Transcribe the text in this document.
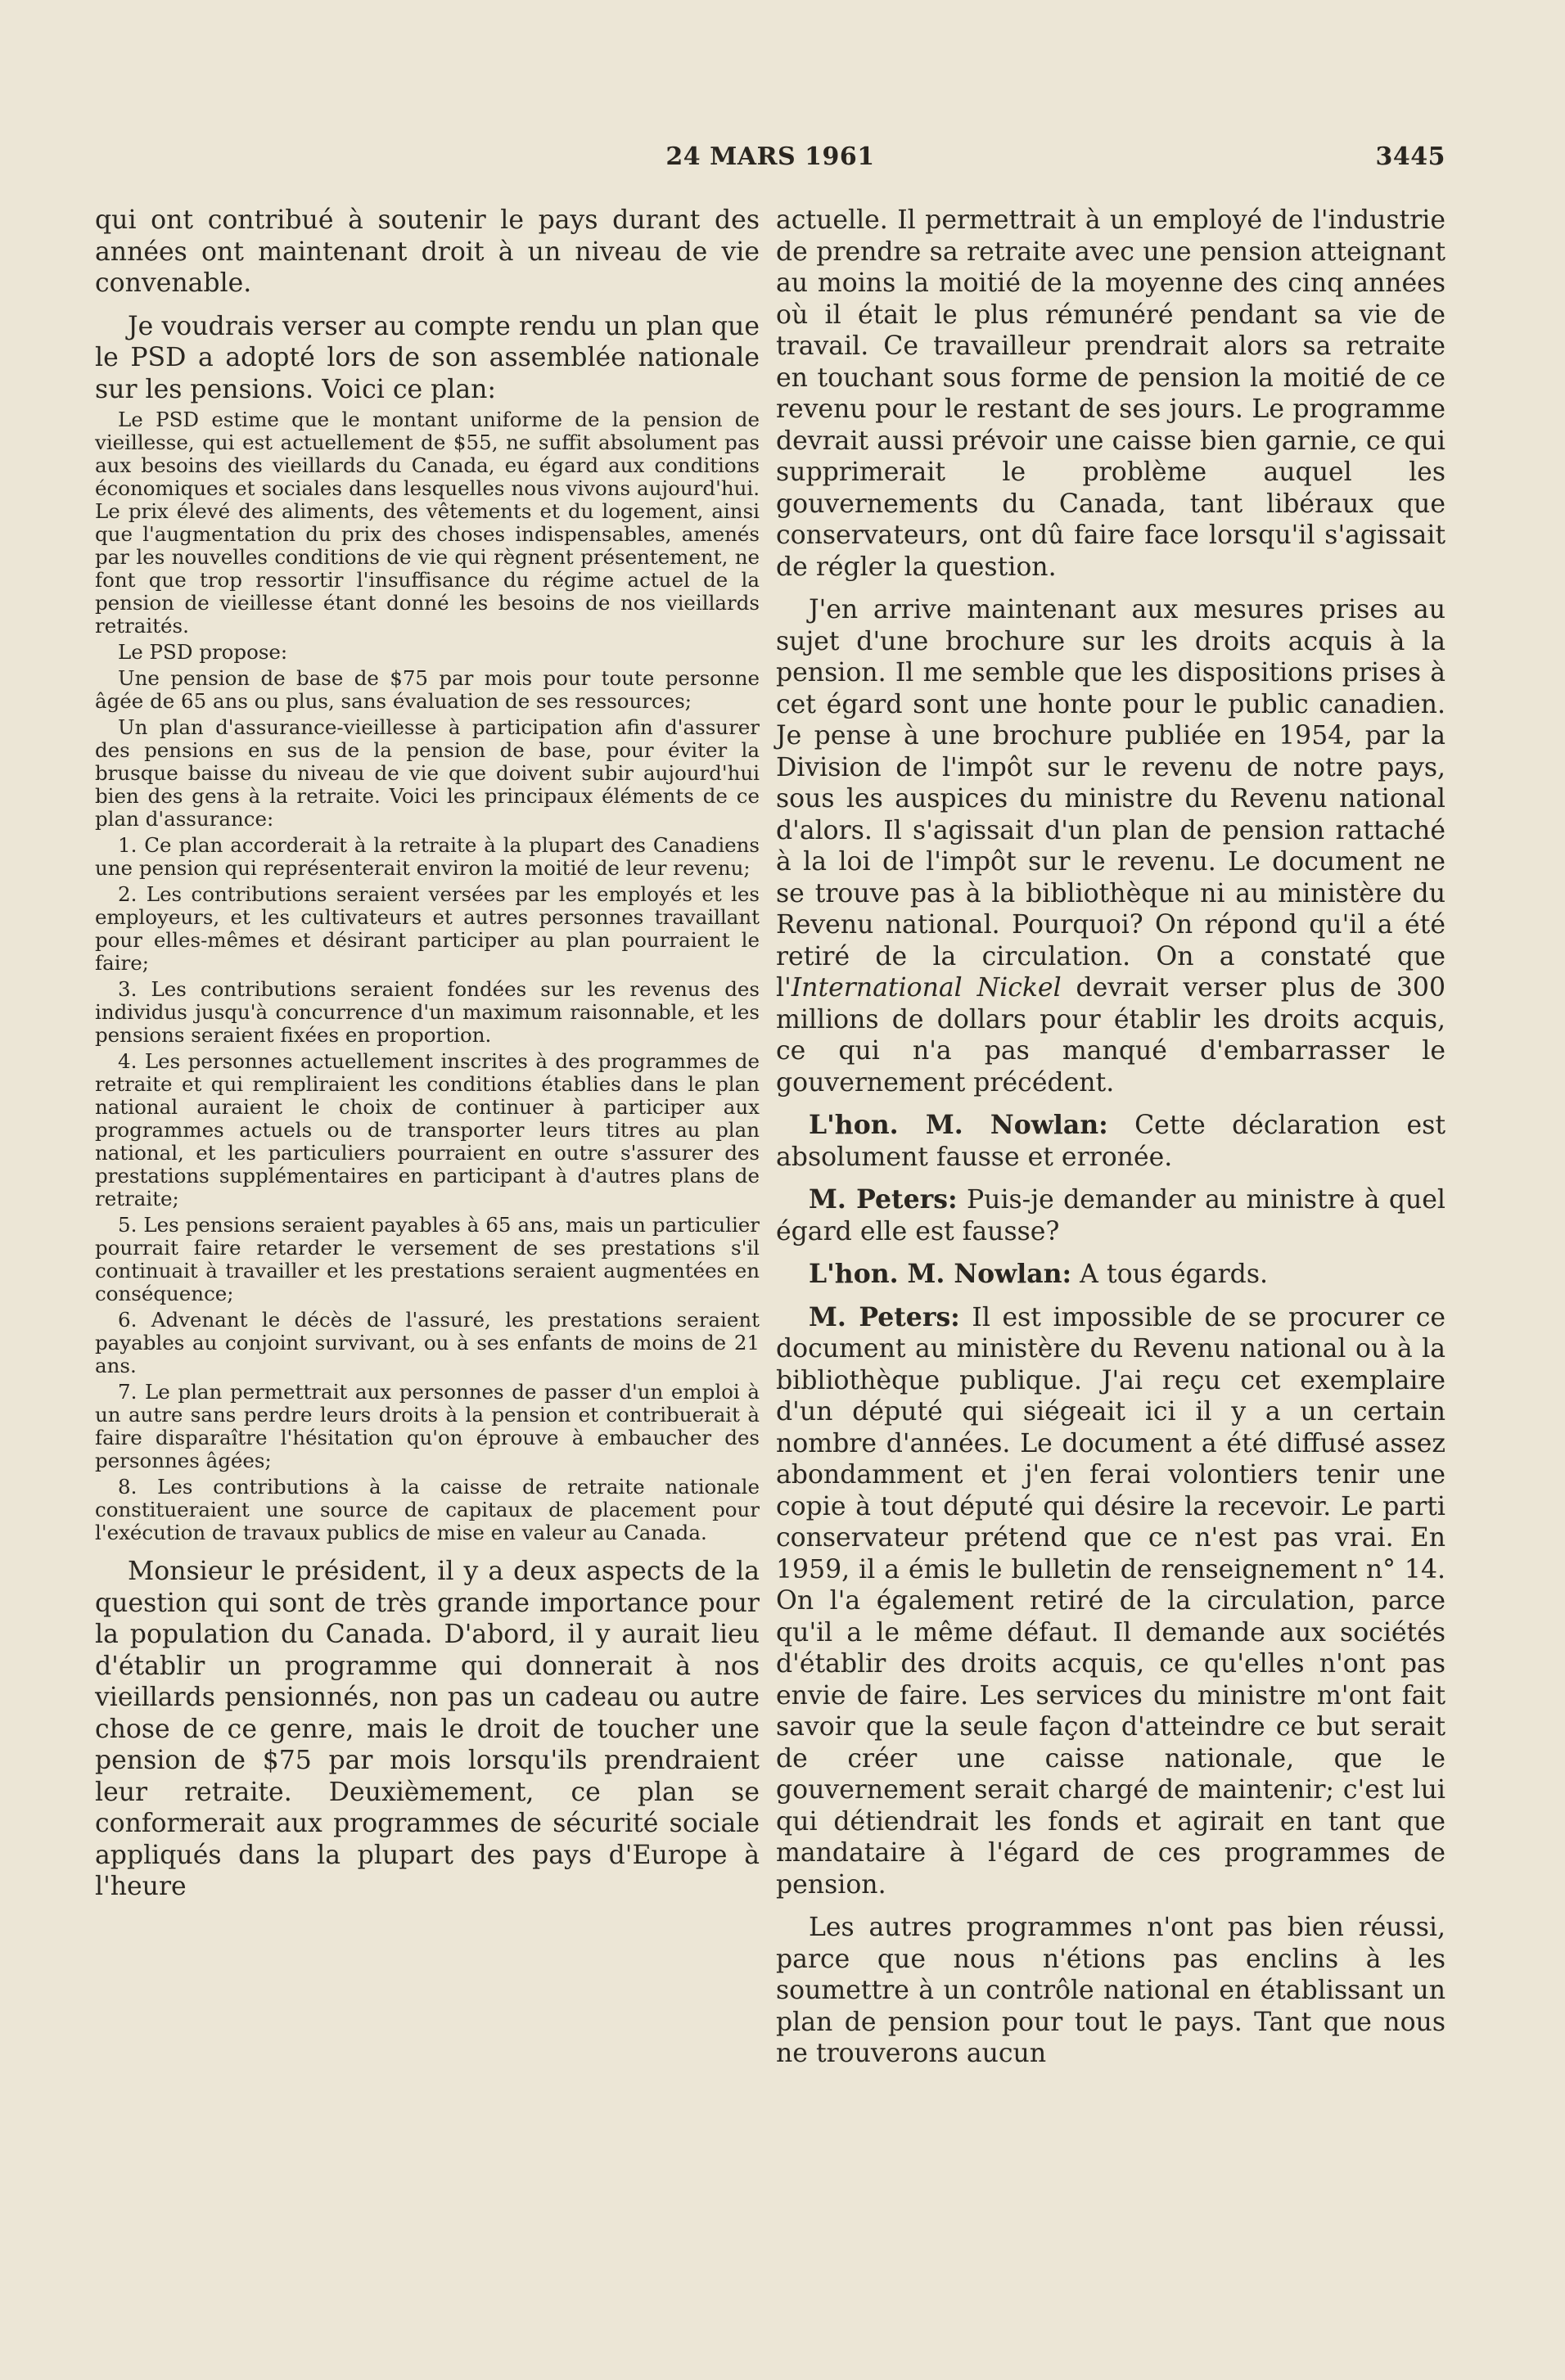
24 MARS 1961	3445

qui ont contribué à soutenir le pays durant des années ont maintenant droit à un niveau de vie convenable.

Je voudrais verser au compte rendu un plan que le PSD a adopté lors de son assemblée nationale sur les pensions. Voici ce plan:

Le PSD estime que le montant uniforme de la pension de vieillesse, qui est actuellement de $55, ne suffit absolument pas aux besoins des vieillards du Canada, eu égard aux conditions économiques et sociales dans lesquelles nous vivons aujourd'hui. Le prix élevé des aliments, des vêtements et du logement, ainsi que l'augmentation du prix des choses indispensables, amenés par les nouvelles conditions de vie qui règnent présentement, ne font que trop ressortir l'insuffisance du régime actuel de la pension de vieillesse étant donné les besoins de nos vieillards retraités.

Le PSD propose:

Une pension de base de $75 par mois pour toute personne âgée de 65 ans ou plus, sans évaluation de ses ressources;

Un plan d'assurance-vieillesse à participation afin d'assurer des pensions en sus de la pension de base, pour éviter la brusque baisse du niveau de vie que doivent subir aujourd'hui bien des gens à la retraite. Voici les principaux éléments de ce plan d'assurance:

1. Ce plan accorderait à la retraite à la plupart des Canadiens une pension qui représenterait environ la moitié de leur revenu;

2. Les contributions seraient versées par les employés et les employeurs, et les cultivateurs et autres personnes travaillant pour elles-mêmes et désirant participer au plan pourraient le faire;

3. Les contributions seraient fondées sur les revenus des individus jusqu'à concurrence d'un maximum raisonnable, et les pensions seraient fixées en proportion.

4. Les personnes actuellement inscrites à des programmes de retraite et qui rempliraient les conditions établies dans le plan national auraient le choix de continuer à participer aux programmes actuels ou de transporter leurs titres au plan national, et les particuliers pourraient en outre s'assurer des prestations supplémentaires en participant à d'autres plans de retraite;

5. Les pensions seraient payables à 65 ans, mais un particulier pourrait faire retarder le versement de ses prestations s'il continuait à travailler et les prestations seraient augmentées en conséquence;

6. Advenant le décès de l'assuré, les prestations seraient payables au conjoint survivant, ou à ses enfants de moins de 21 ans.

7. Le plan permettrait aux personnes de passer d'un emploi à un autre sans perdre leurs droits à la pension et contribuerait à faire disparaître l'hésitation qu'on éprouve à embaucher des personnes âgées;

8. Les contributions à la caisse de retraite nationale constitueraient une source de capitaux de placement pour l'exécution de travaux publics de mise en valeur au Canada.

Monsieur le président, il y a deux aspects de la question qui sont de très grande importance pour la population du Canada. D'abord, il y aurait lieu d'établir un programme qui donnerait à nos vieillards pensionnés, non pas un cadeau ou autre chose de ce genre, mais le droit de toucher une pension de $75 par mois lorsqu'ils prendraient leur retraite. Deuxièmement, ce plan se conformerait aux programmes de sécurité sociale appliqués dans la plupart des pays d'Europe à l'heure

actuelle. Il permettrait à un employé de l'industrie de prendre sa retraite avec une pension atteignant au moins la moitié de la moyenne des cinq années où il était le plus rémunéré pendant sa vie de travail. Ce travailleur prendrait alors sa retraite en touchant sous forme de pension la moitié de ce revenu pour le restant de ses jours. Le programme devrait aussi prévoir une caisse bien garnie, ce qui supprimerait le problème auquel les gouvernements du Canada, tant libéraux que conservateurs, ont dû faire face lorsqu'il s'agissait de régler la question.

J'en arrive maintenant aux mesures prises au sujet d'une brochure sur les droits acquis à la pension. Il me semble que les dispositions prises à cet égard sont une honte pour le public canadien. Je pense à une brochure publiée en 1954, par la Division de l'impôt sur le revenu de notre pays, sous les auspices du ministre du Revenu national d'alors. Il s'agissait d'un plan de pension rattaché à la loi de l'impôt sur le revenu. Le document ne se trouve pas à la bibliothèque ni au ministère du Revenu national. Pourquoi? On répond qu'il a été retiré de la circulation. On a constaté que l'International Nickel devrait verser plus de 300 millions de dollars pour établir les droits acquis, ce qui n'a pas manqué d'embarrasser le gouvernement précédent.

L'hon. M. Nowlan: Cette déclaration est absolument fausse et erronée.

M. Peters: Puis-je demander au ministre à quel égard elle est fausse?

L'hon. M. Nowlan: A tous égards.

M. Peters: Il est impossible de se procurer ce document au ministère du Revenu national ou à la bibliothèque publique. J'ai reçu cet exemplaire d'un député qui siégeait ici il y a un certain nombre d'années. Le document a été diffusé assez abondamment et j'en ferai volontiers tenir une copie à tout député qui désire la recevoir. Le parti conservateur prétend que ce n'est pas vrai. En 1959, il a émis le bulletin de renseignement n° 14. On l'a également retiré de la circulation, parce qu'il a le même défaut. Il demande aux sociétés d'établir des droits acquis, ce qu'elles n'ont pas envie de faire. Les services du ministre m'ont fait savoir que la seule façon d'atteindre ce but serait de créer une caisse nationale, que le gouvernement serait chargé de maintenir; c'est lui qui détiendrait les fonds et agirait en tant que mandataire à l'égard de ces programmes de pension.

Les autres programmes n'ont pas bien réussi, parce que nous n'étions pas enclins à les soumettre à un contrôle national en établissant un plan de pension pour tout le pays. Tant que nous ne trouverons aucun
